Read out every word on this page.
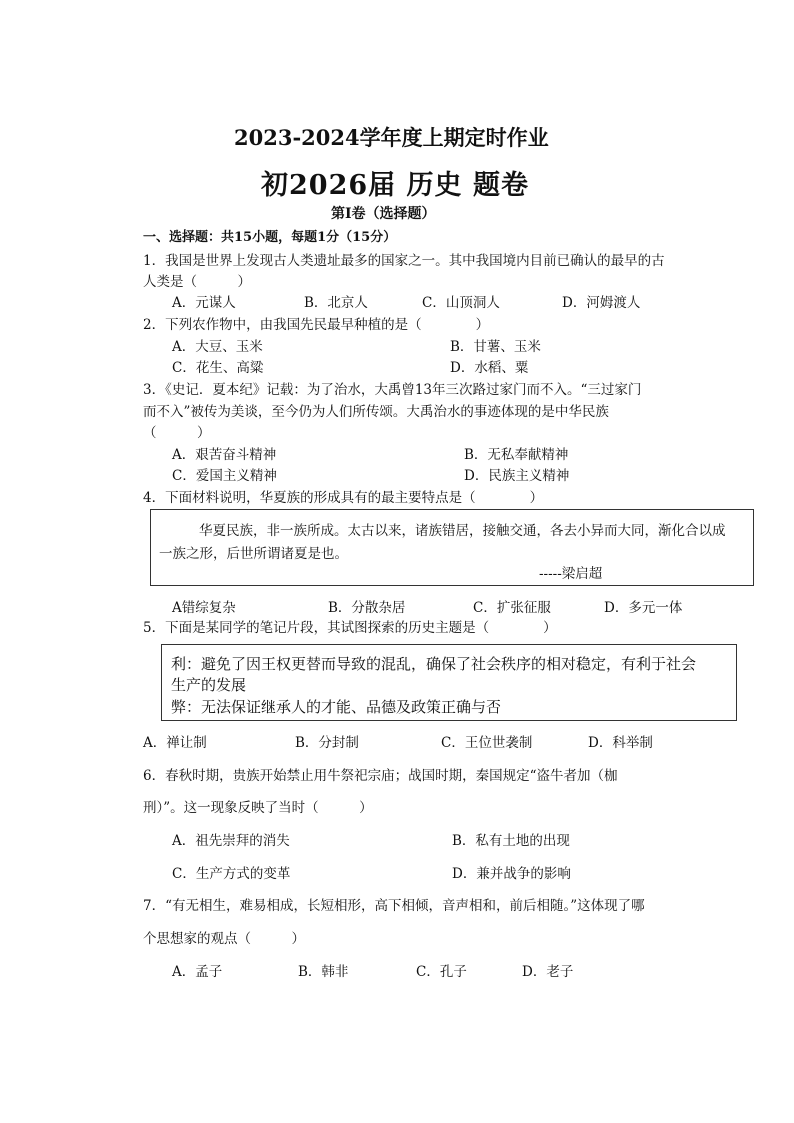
2023-2024学年度上期定时作业
初2026届 历史 题卷
第I卷（选择题）
一、选择题：共15小题，每题1分（15分）
1．我国是世界上发现古人类遗址最多的国家之一。其中我国境内目前已确认的最早的古
人类是（　　　）
A．元谋人	B．北京人	C．山顶洞人	D．河姆渡人
2．下列农作物中，由我国先民最早种植的是（　　　　）
A．大豆、玉米	B．甘薯、玉米
C．花生、高粱	D．水稻、粟
3．《史记．夏本纪》记载：为了治水，大禹曾13年三次路过家门而不入。“三过家门
而不入”被传为美谈，至今仍为人们所传颂。大禹治水的事迹体现的是中华民族
（　　　）
A．艰苦奋斗精神	B．无私奉献精神
C．爱国主义精神	D．民族主义精神
4．下面材料说明，华夏族的形成具有的最主要特点是（　　　　）
华夏民族，非一族所成。太古以来，诸族错居，接触交通，各去小异而大同，渐化合以成
一族之形，后世所谓诸夏是也。
-----梁启超
A错综复杂	B．分散杂居	C．扩张征服	D．多元一体
5．下面是某同学的笔记片段，其试图探索的历史主题是（　　　　）
利：避免了因王权更替而导致的混乱，确保了社会秩序的相对稳定，有利于社会
生产的发展
弊：无法保证继承人的才能、品德及政策正确与否
A．禅让制	B．分封制	C．王位世袭制	D．科举制
6．春秋时期，贵族开始禁止用牛祭祀宗庙；战国时期，秦国规定“盗牛者加（枷
刑）”。这一现象反映了当时（　　　）
A．祖先崇拜的消失	B．私有土地的出现
C．生产方式的变革	D．兼并战争的影响
7．“有无相生，难易相成，长短相形，高下相倾，音声相和，前后相随。”这体现了哪
个思想家的观点（　　　）
A．孟子	B．韩非	C．孔子	D．老子
